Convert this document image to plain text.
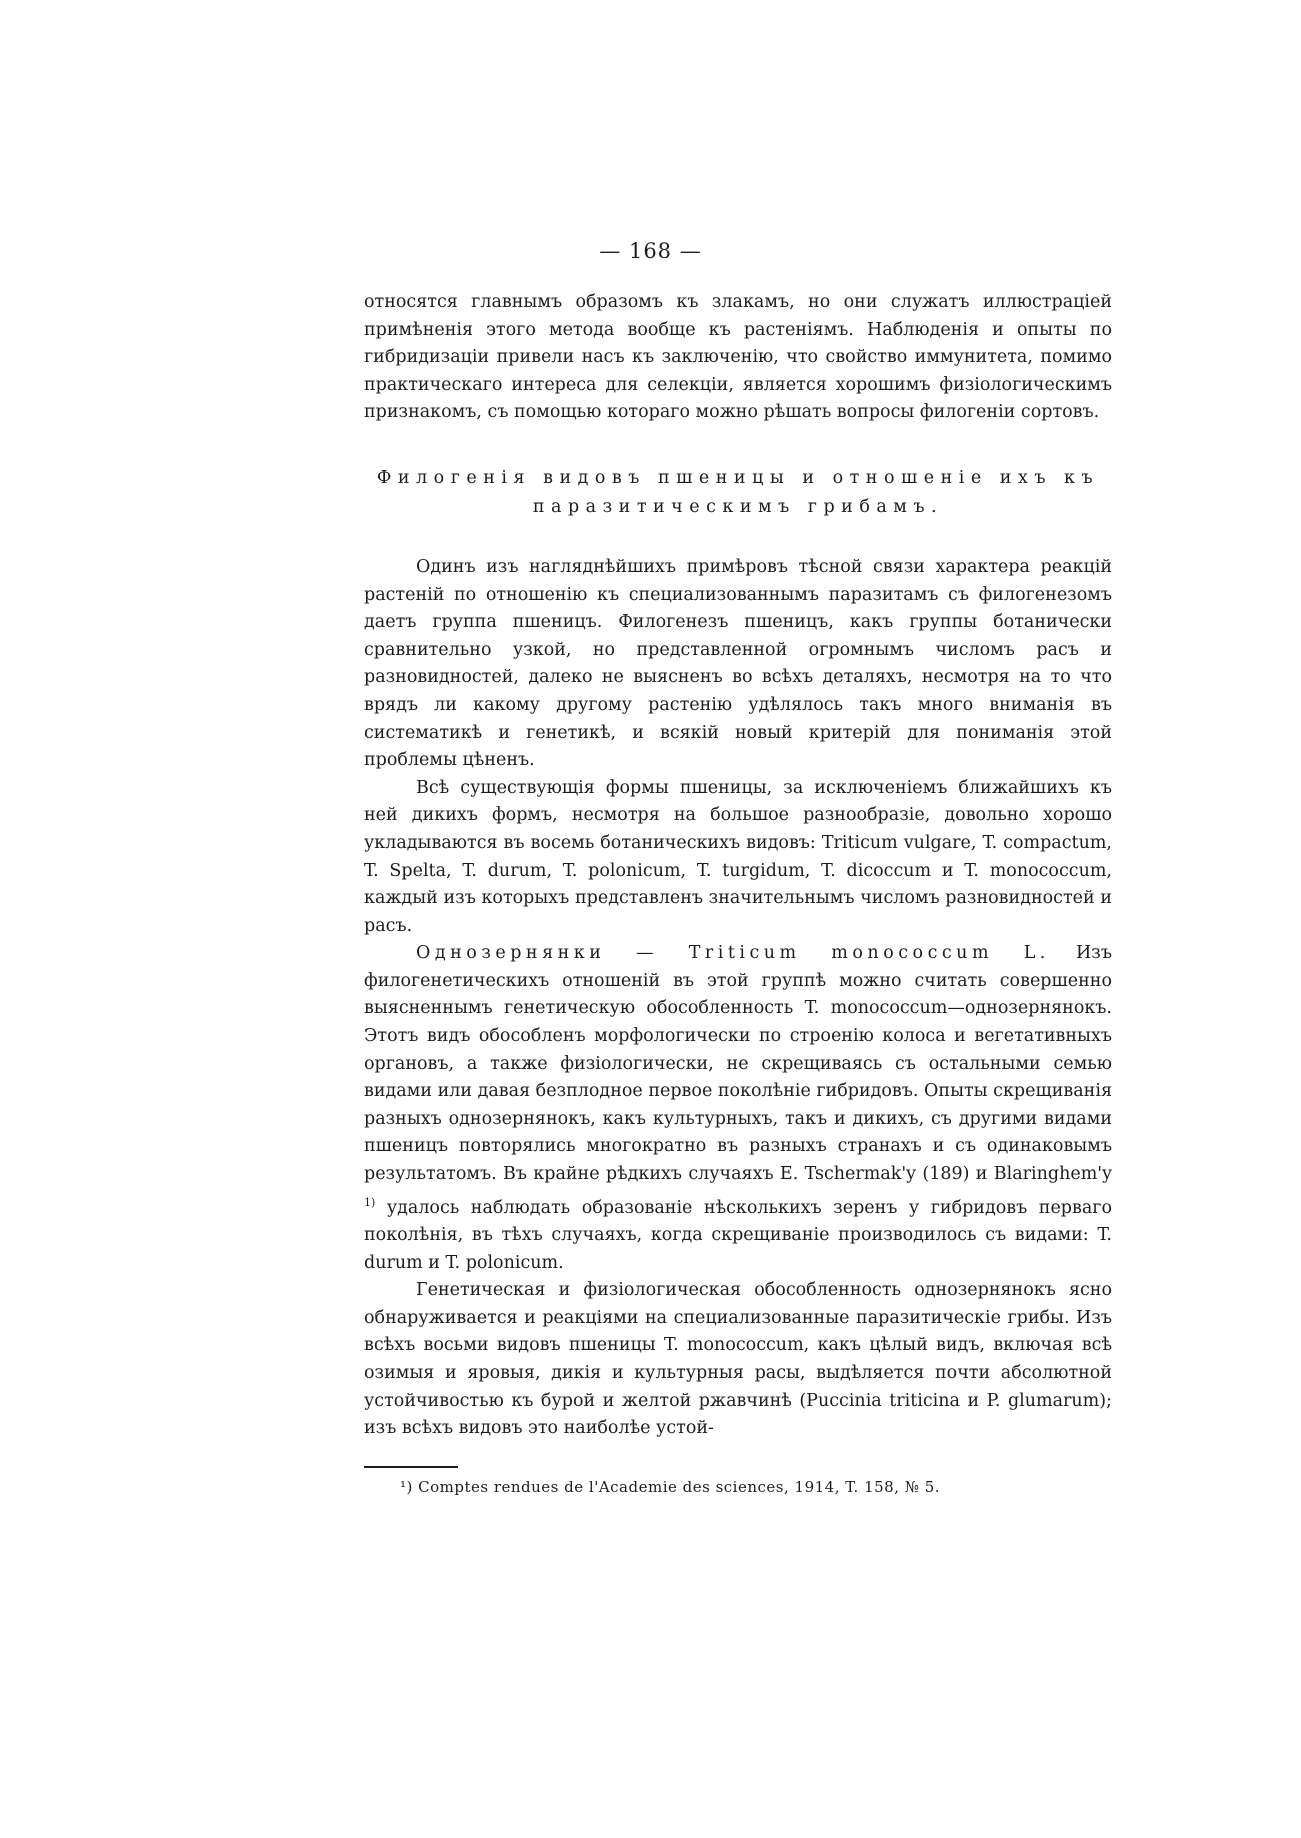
— 168 —

относятся главнымъ образомъ къ злакамъ, но они служатъ иллюстраціей примѣненія этого метода вообще къ растеніямъ. Наблюденія и опыты по гибридизаціи привели насъ къ заключенію, что свойство иммунитета, помимо практическаго интереса для селекціи, является хорошимъ физіологическимъ признакомъ, съ помощью котораго можно рѣшать вопросы филогеніи сортовъ.

Филогенія видовъ пшеницы и отношеніе ихъ къ паразитическимъ грибамъ.

Одинъ изъ нагляднѣйшихъ примѣровъ тѣсной связи характера реакцій растеній по отношенію къ специализованнымъ паразитамъ съ филогенезомъ даетъ группа пшеницъ. Филогенезъ пшеницъ, какъ группы ботанически сравнительно узкой, но представленной огромнымъ числомъ расъ и разновидностей, далеко не выясненъ во всѣхъ деталяхъ, несмотря на то что врядъ ли какому другому растенію удѣлялось такъ много вниманія въ систематикѣ и генетикѣ, и всякій новый критерій для пониманія этой проблемы цѣненъ.

Всѣ существующія формы пшеницы, за исключеніемъ ближайшихъ къ ней дикихъ формъ, несмотря на большое разнообразіе, довольно хорошо укладываются въ восемь ботаническихъ видовъ: Triticum vulgare, T. compactum, T. Spelta, T. durum, T. polonicum, T. turgidum, T. dicoccum и T. monococcum, каждый изъ которыхъ представленъ значительнымъ числомъ разновидностей и расъ.

Однозернянки — Triticum monococcum L. Изъ филогенетическихъ отношеній въ этой группѣ можно считать совершенно выясненнымъ генетическую обособленность T. monococcum—однозернянокъ. Этотъ видъ обособленъ морфологически по строенію колоса и вегетативныхъ органовъ, а также физіологически, не скрещиваясь съ остальными семью видами или давая безплодное первое поколѣніе гибридовъ. Опыты скрещиванія разныхъ однозернянокъ, какъ культурныхъ, такъ и дикихъ, съ другими видами пшеницъ повторялись многократно въ разныхъ странахъ и съ одинаковымъ результатомъ. Въ крайне рѣдкихъ случаяхъ E. Tschermak'y (189) и Blaringhem'y $^{1)}$ удалось наблюдать образованіе нѣсколькихъ зеренъ у гибридовъ перваго поколѣнія, въ тѣхъ случаяхъ, когда скрещиваніе производилось съ видами: T. durum и T. polonicum.

Генетическая и физіологическая обособленность однозернянокъ ясно обнаруживается и реакціями на специализованные паразитическіе грибы. Изъ всѣхъ восьми видовъ пшеницы T. monococcum, какъ цѣлый видъ, включая всѣ озимыя и яровыя, дикія и культурныя расы, выдѣляется почти абсолютной устойчивостью къ бурой и желтой ржавчинѣ (Puccinia triticina и P. glumarum); изъ всѣхъ видовъ это наиболѣе устой-

¹) Comptes rendues de l'Academie des sciences, 1914, T. 158, № 5.
